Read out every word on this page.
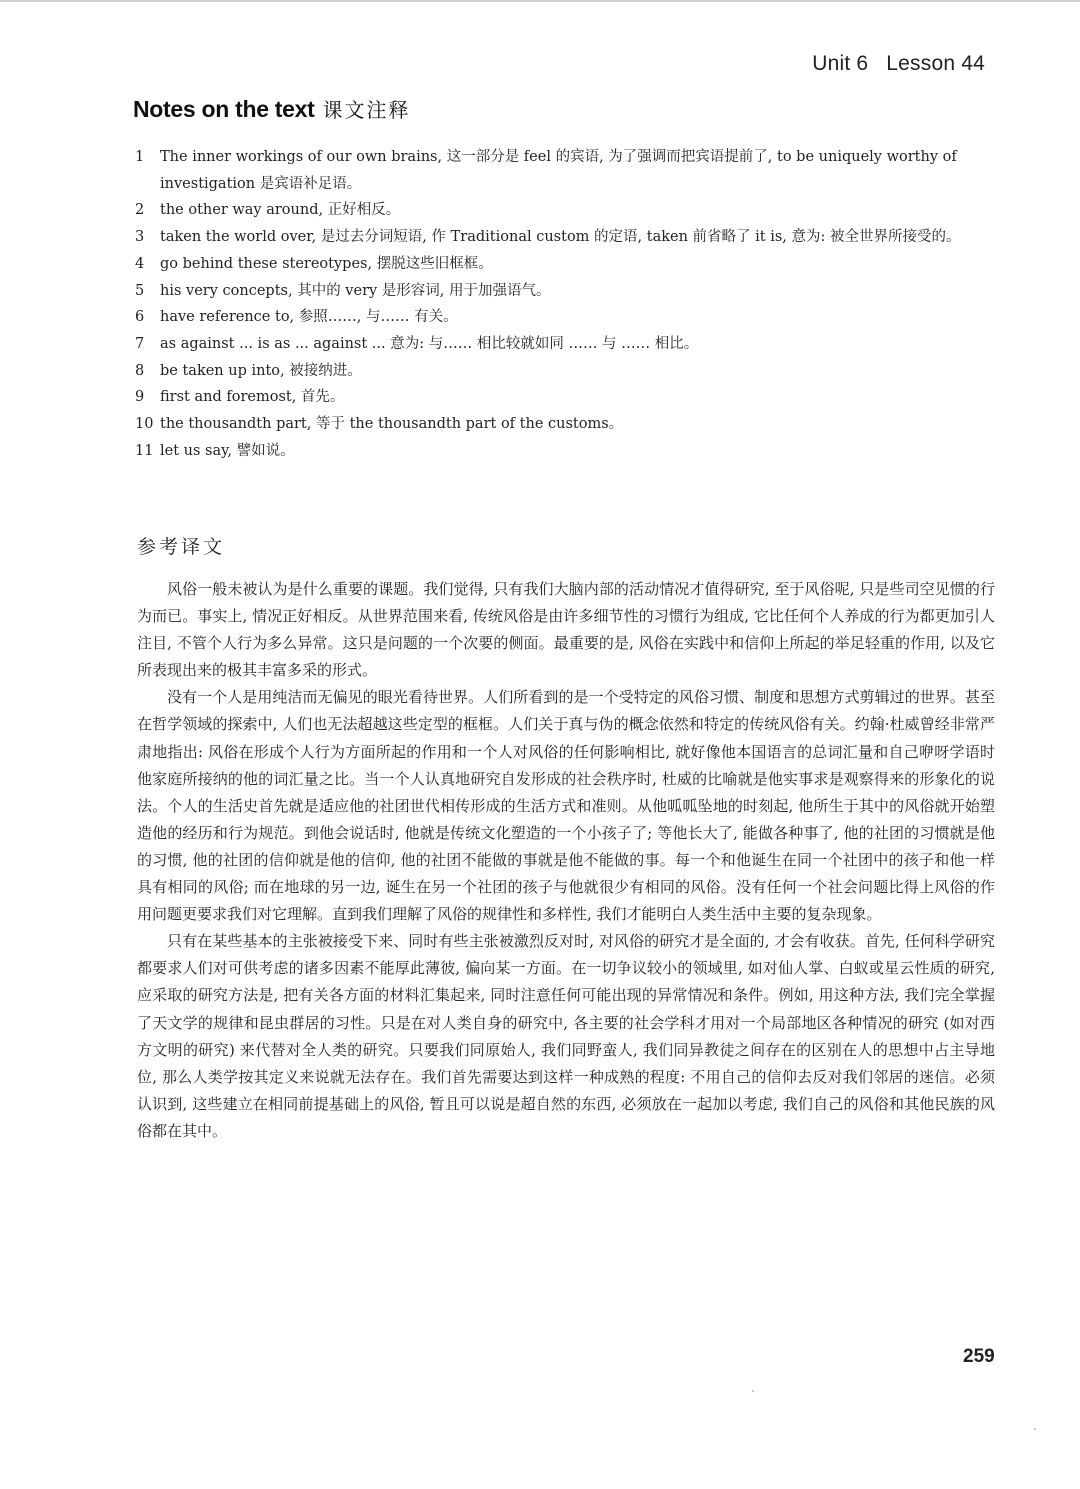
Unit 6 Lesson 44
Notes on the text 课文注释
1 The inner workings of our own brains, 这一部分是 feel 的宾语, 为了强调而把宾语提前了, to be uniquely worthy of investigation 是宾语补足语。
2 the other way around, 正好相反。
3 taken the world over, 是过去分词短语, 作 Traditional custom 的定语, taken 前省略了 it is, 意为: 被全世界所接受的。
4 go behind these stereotypes, 摆脱这些旧框框。
5 his very concepts, 其中的 very 是形容词, 用于加强语气。
6 have reference to, 参照……, 与…… 有关。
7 as against ... is as ... against ... 意为: 与…… 相比较就如同 …… 与 …… 相比。
8 be taken up into, 被接纳进。
9 first and foremost, 首先。
10 the thousandth part, 等于 the thousandth part of the customs。
11 let us say, 譬如说。
参考译文

风俗一般未被认为是什么重要的课题。我们觉得, 只有我们大脑内部的活动情况才值得研究, 至于风俗呢, 只是些司空见惯的行为而已。事实上, 情况正好相反。从世界范围来看, 传统风俗是由许多细节性的习惯行为组成, 它比任何个人养成的行为都更加引人注目, 不管个人行为多么异常。这只是问题的一个次要的侧面。最重要的是, 风俗在实践中和信仰上所起的举足轻重的作用, 以及它所表现出来的极其丰富多采的形式。

没有一个人是用纯洁而无偏见的眼光看待世界。人们所看到的是一个受特定的风俗习惯、制度和思想方式剪辑过的世界。甚至在哲学领域的探索中, 人们也无法超越这些定型的框框。人们关于真与伪的概念依然和特定的传统风俗有关。约翰·杜威曾经非常严肃地指出: 风俗在形成个人行为方面所起的作用和一个人对风俗的任何影响相比, 就好像他本国语言的总词汇量和自己咿呀学语时他家庭所接纳的他的词汇量之比。当一个人认真地研究自发形成的社会秩序时, 杜威的比喻就是他实事求是观察得来的形象化的说法。个人的生活史首先就是适应他的社团世代相传形成的生活方式和准则。从他呱呱坠地的时刻起, 他所生于其中的风俗就开始塑造他的经历和行为规范。到他会说话时, 他就是传统文化塑造的一个小孩子了; 等他长大了, 能做各种事了, 他的社团的习惯就是他的习惯, 他的社团的信仰就是他的信仰, 他的社团不能做的事就是他不能做的事。每一个和他诞生在同一个社团中的孩子和他一样具有相同的风俗; 而在地球的另一边, 诞生在另一个社团的孩子与他就很少有相同的风俗。没有任何一个社会问题比得上风俗的作用问题更要求我们对它理解。直到我们理解了风俗的规律性和多样性, 我们才能明白人类生活中主要的复杂现象。

只有在某些基本的主张被接受下来、同时有些主张被激烈反对时, 对风俗的研究才是全面的, 才会有收获。首先, 任何科学研究都要求人们对可供考虑的诸多因素不能厚此薄彼, 偏向某一方面。在一切争议较小的领域里, 如对仙人掌、白蚁或星云性质的研究, 应采取的研究方法是, 把有关各方面的材料汇集起来, 同时注意任何可能出现的异常情况和条件。例如, 用这种方法, 我们完全掌握了天文学的规律和昆虫群居的习性。只是在对人类自身的研究中, 各主要的社会学科才用对一个局部地区各种情况的研究 (如对西方文明的研究) 来代替对全人类的研究。只要我们同原始人, 我们同野蛮人, 我们同异教徒之间存在的区别在人的思想中占主导地位, 那么人类学按其定义来说就无法存在。我们首先需要达到这样一种成熟的程度: 不用自己的信仰去反对我们邻居的迷信。必须认识到, 这些建立在相同前提基础上的风俗, 暂且可以说是超自然的东西, 必须放在一起加以考虑, 我们自己的风俗和其他民族的风俗都在其中。

259
